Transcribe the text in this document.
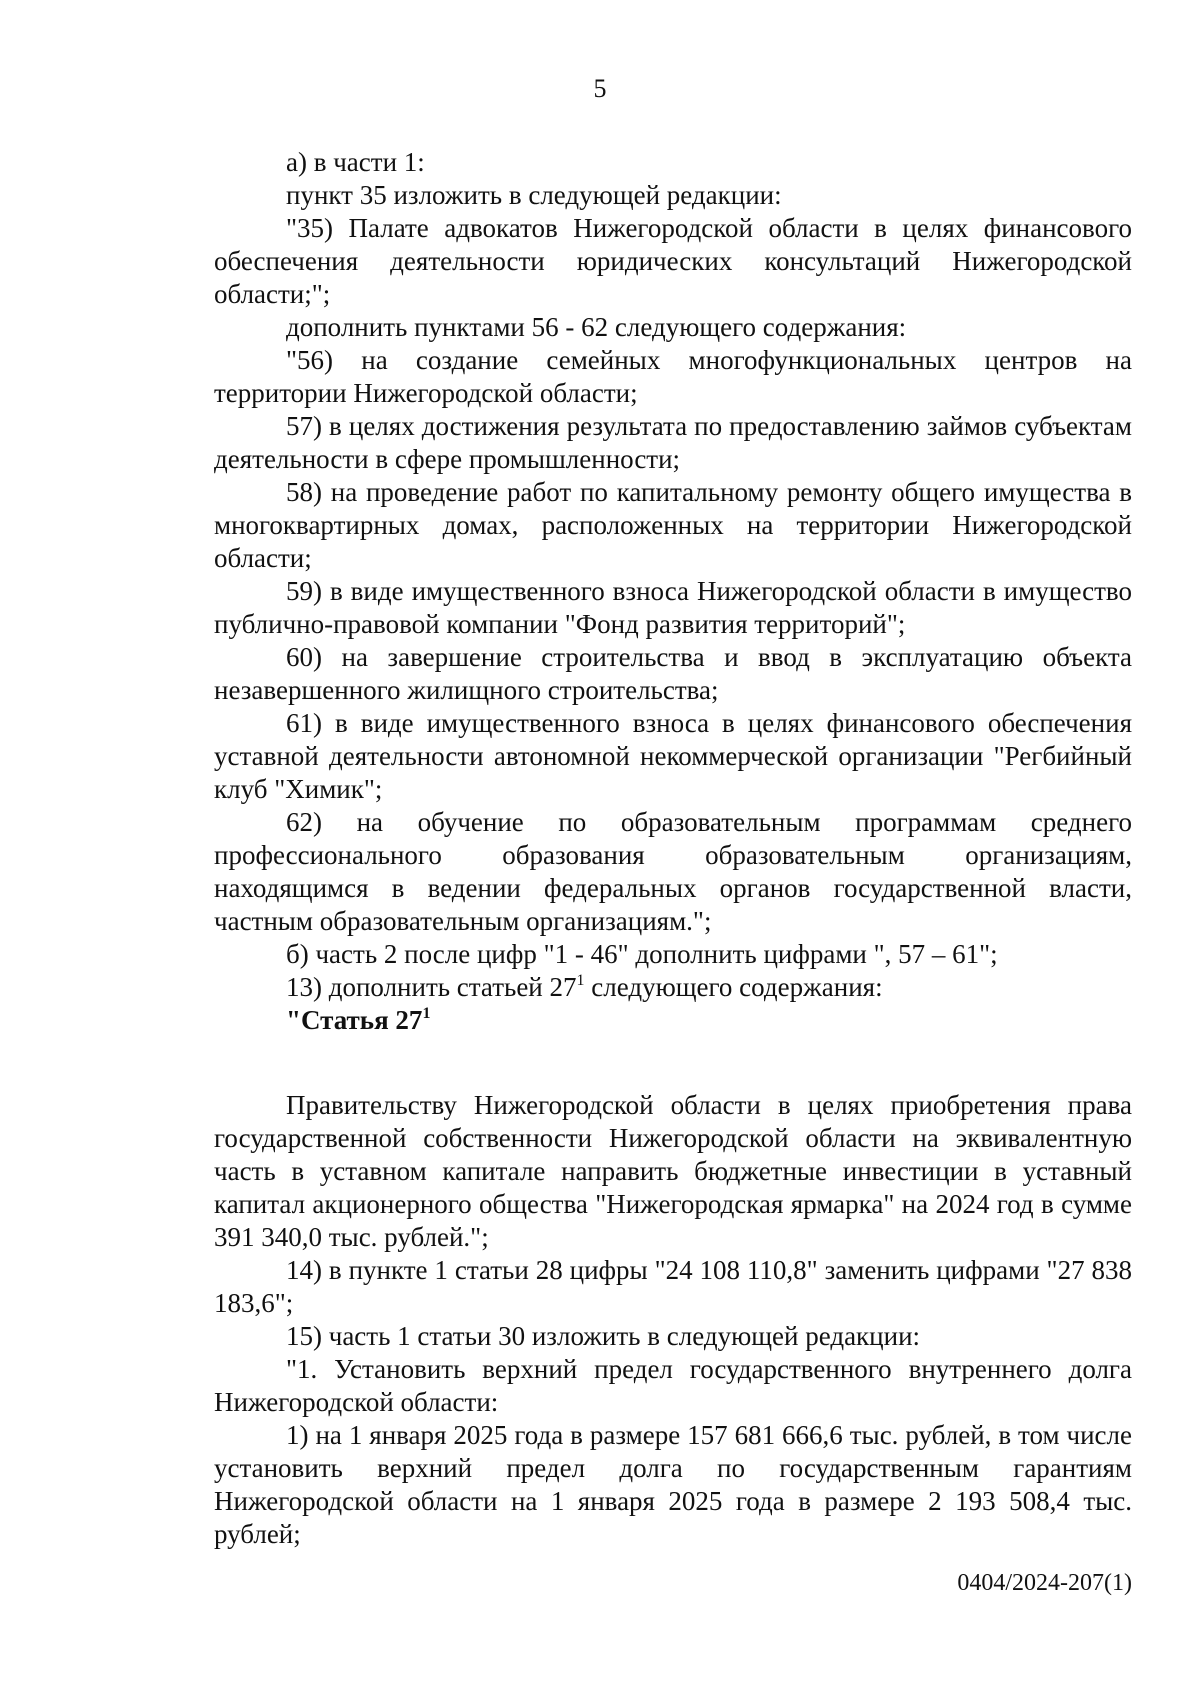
5

а) в части 1:

пункт 35 изложить в следующей редакции:

"35) Палате адвокатов Нижегородской области в целях финансового обеспечения деятельности юридических консультаций Нижегородской области;";

дополнить пунктами 56 - 62 следующего содержания:

"56) на создание семейных многофункциональных центров на территории Нижегородской области;

57) в целях достижения результата по предоставлению займов субъектам деятельности в сфере промышленности;

58) на проведение работ по капитальному ремонту общего имущества в многоквартирных домах, расположенных на территории Нижегородской области;

59) в виде имущественного взноса Нижегородской области в имущество публично-правовой компании "Фонд развития территорий";

60) на завершение строительства и ввод в эксплуатацию объекта незавершенного жилищного строительства;

61) в виде имущественного взноса в целях финансового обеспечения уставной деятельности автономной некоммерческой организации "Регбийный клуб "Химик";

62) на обучение по образовательным программам среднего профессионального образования образовательным организациям, находящимся в ведении федеральных органов государственной власти, частным образовательным организациям.";

б) часть 2 после цифр "1 - 46" дополнить цифрами ", 57 – 61";

13) дополнить статьей $27^1$ следующего содержания:

"Статья $27^1$

Правительству Нижегородской области в целях приобретения права государственной собственности Нижегородской области на эквивалентную часть в уставном капитале направить бюджетные инвестиции в уставный капитал акционерного общества "Нижегородская ярмарка" на 2024 год в сумме 391 340,0 тыс. рублей.";

14) в пункте 1 статьи 28 цифры "24 108 110,8" заменить цифрами "27 838 183,6";

15) часть 1 статьи 30 изложить в следующей редакции:

"1. Установить верхний предел государственного внутреннего долга Нижегородской области:

1) на 1 января 2025 года в размере 157 681 666,6 тыс. рублей, в том числе установить верхний предел долга по государственным гарантиям Нижегородской области на 1 января 2025 года в размере 2 193 508,4 тыс. рублей;

0404/2024-207(1)
